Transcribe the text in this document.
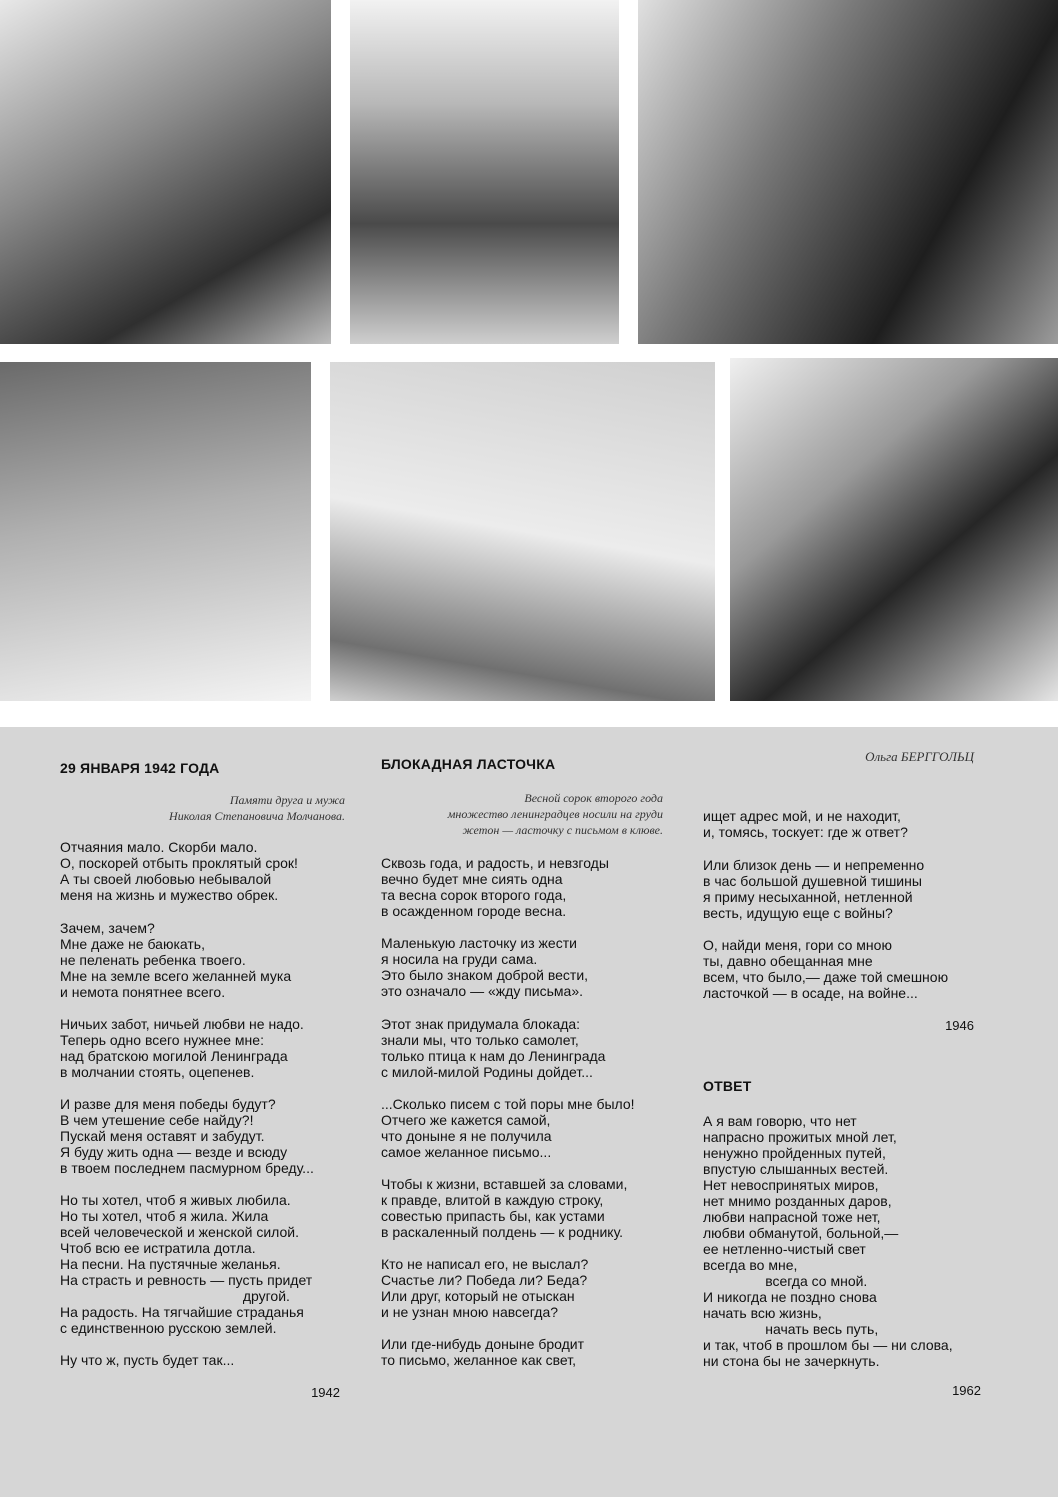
Ольга БЕРГГОЛЬЦ

29 ЯНВАРЯ 1942 ГОДА

Памяти друга и мужа

Николая Степановича Молчанова.

Отчаяния мало. Скорби мало.
О, поскорей отбыть проклятый срок!
А ты своей любовью небывалой
меня на жизнь и мужество обрек.

Зачем, зачем?
Мне даже не баюкать,
не пеленать ребенка твоего.
Мне на земле всего желанней мука
и немота понятнее всего.

Ничьих забот, ничьей любви не надо.
Теперь одно всего нужнее мне:
над братскою могилой Ленинграда
в молчании стоять, оцепенев.

И разве для меня победы будут?
В чем утешение себе найду?!
Пускай меня оставят и забудут.
Я буду жить одна — везде и всюду
в твоем последнем пасмурном бреду...

Но ты хотел, чтоб я живых любила.
Но ты хотел, чтоб я жила. Жила
всей человеческой и женской силой.
Чтоб всю ее истратила дотла.
На песни. На пустячные желанья.
На страсть и ревность — пусть придет
другой.
На радость. На тягчайшие страданья
с единственною русскою землей.

Ну что ж, пусть будет так...

1942

БЛОКАДНАЯ ЛАСТОЧКА

Весной сорок второго года

множество ленинградцев носили на груди

жетон — ласточку с письмом в клюве.

Сквозь года, и радость, и невзгоды
вечно будет мне сиять одна
та весна сорок второго года,
в осажденном городе весна.

Маленькую ласточку из жести
я носила на груди сама.
Это было знаком доброй вести,
это означало — «жду письма».

Этот знак придумала блокада:
знали мы, что только самолет,
только птица к нам до Ленинграда
с милой-милой Родины дойдет...

...Сколько писем с той поры мне было!
Отчего же кажется самой,
что доныне я не получила
самое желанное письмо...

Чтобы к жизни, вставшей за словами,
к правде, влитой в каждую строку,
совестью припасть бы, как устами
в раскаленный полдень — к роднику.

Кто не написал его, не выслал?
Счастье ли? Победа ли? Беда?
Или друг, который не отыскан
и не узнан мною навсегда?

Или где-нибудь доныне бродит
то письмо, желанное как свет,

ищет адрес мой, и не находит,
и, томясь, тоскует: где ж ответ?

Или близок день — и непременно
в час большой душевной тишины
я приму несыханной, нетленной
весть, идущую еще с войны?

О, найди меня, гори со мною
ты, давно обещанная мне
всем, что было,— даже той смешною
ласточкой — в осаде, на войне...

1946

ОТВЕТ

А я вам говорю, что нет
напрасно прожитых мной лет,
ненужно пройденных путей,
впустую слышанных вестей.
Нет невоспринятых миров,
нет мнимо розданных даров,
любви напрасной тоже нет,
любви обманутой, больной,—
ее нетленно-чистый свет
всегда во мне,
всегда со мной.
И никогда не поздно снова
начать всю жизнь,
начать весь путь,
и так, чтоб в прошлом бы — ни слова,
ни стона бы не зачеркнуть.

1962
